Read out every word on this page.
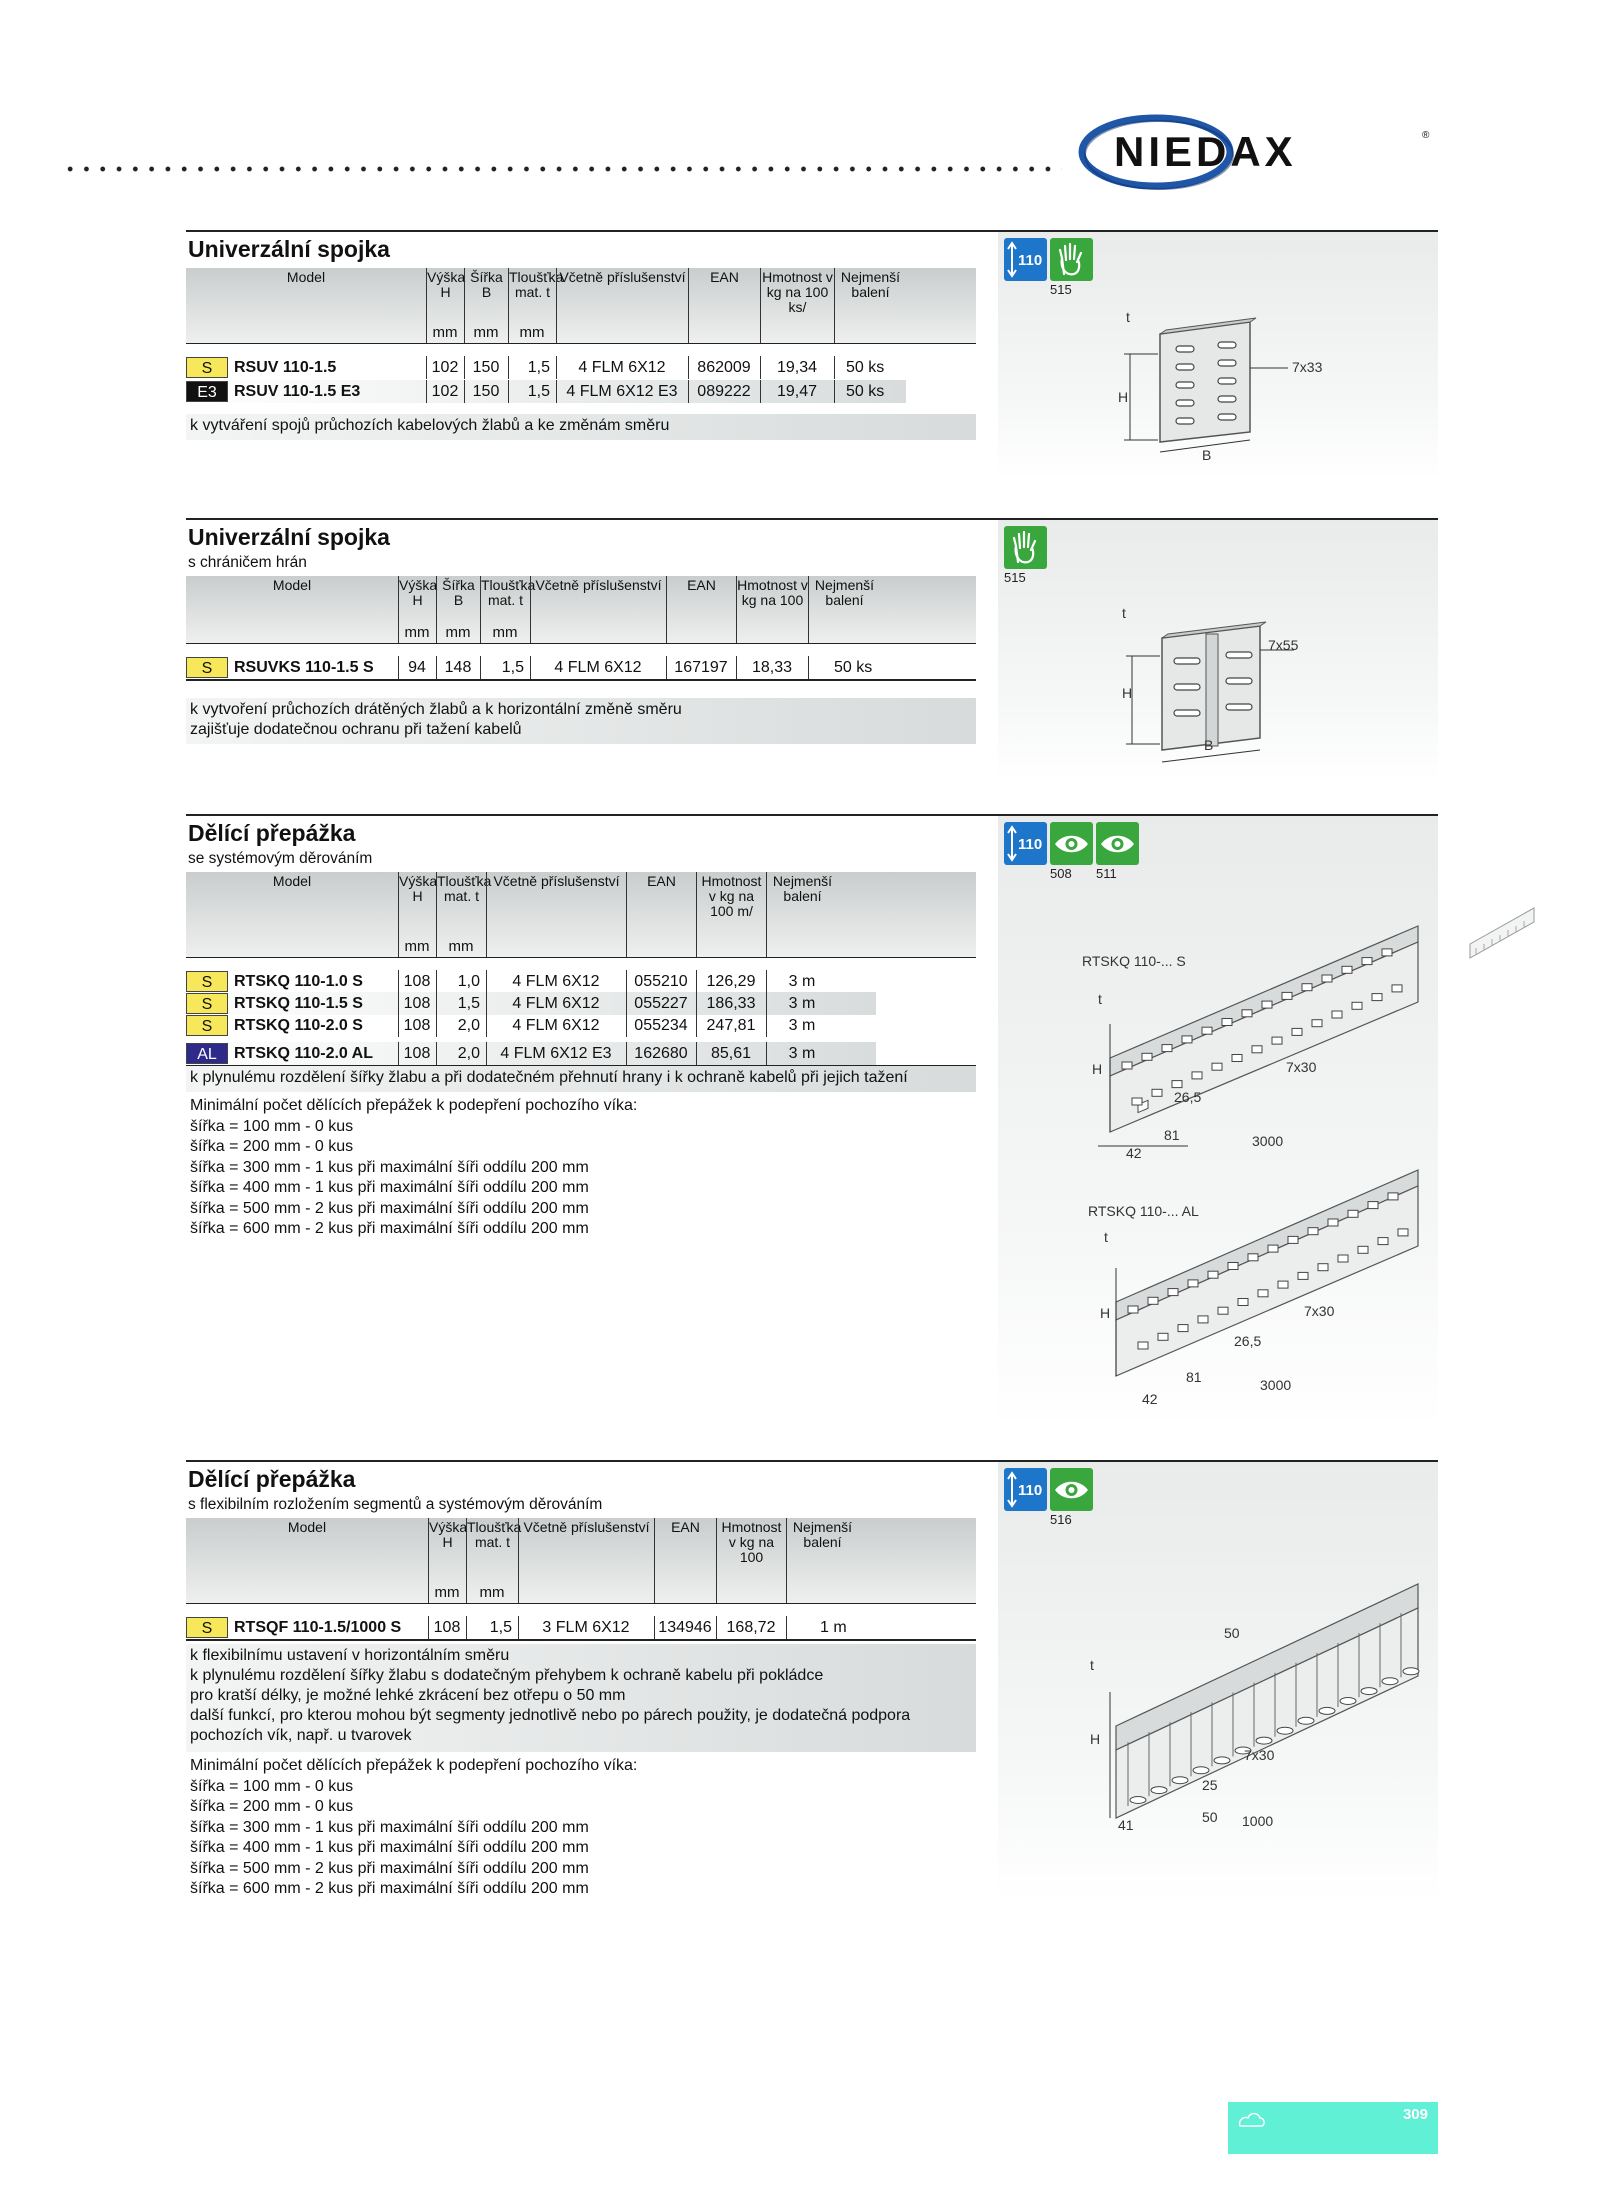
NIEDAX	®
Univerzální spojka
Model	Výška H
Šířka B
Tloušťka mat. t
Včetně příslušenství	EAN	Hmotnost v kg na 100 ks/
Nejmenší balení
mm	mm	mm
S	RSUV 110-1.5	102 150	1,5	4 FLM 6X12	862009	19,34	50 ks
E3	RSUV 110-1.5 E3	102 150	1,5	4 FLM 6X12 E3	089222	19,47	50 ks
k vytváření spojů průchozích kabelových žlabů a ke změnám směru
Univerzální spojka
s chráničem hrán
Model	Výška H
Šířka B
Tloušťka mat. t
Včetně příslušenství	EAN	Hmotnost v kg na 100
Nejmenší balení
mm	mm	mm
S	RSUVKS 110-1.5 S	94	148	1,5	4 FLM 6X12	167197	18,33	50 ks
k vytvoření průchozích drátěných žlabů a k horizontální změně směru
zajišťuje dodatečnou ochranu při tažení kabelů
Dělící přepážka
se systémovým děrováním
Model	Výška H
Tloušťka mat. t
Včetně příslušenství	EAN	Hmotnost v kg na 100 m/
Nejmenší balení
mm	mm
S	RTSKQ 110-1.0 S	108	1,0	4 FLM 6X12	055210	126,29	3 m
S	RTSKQ 110-1.5 S	108	1,5	4 FLM 6X12	055227	186,33	3 m
S	RTSKQ 110-2.0 S	108	2,0	4 FLM 6X12	055234	247,81	3 m
AL	RTSKQ 110-2.0 AL	108	2,0	4 FLM 6X12 E3	162680	85,61	3 m
k plynulému rozdělení šířky žlabu a při dodatečném přehnutí hrany i k ochraně kabelů při jejich tažení
Minimální počet dělících přepážek k podepření pochozího víka:
šířka = 100 mm - 0 kus
šířka = 200 mm - 0 kus
šířka = 300 mm - 1 kus při maximální šíři oddílu 200 mm
šířka = 400 mm - 1 kus při maximální šíři oddílu 200 mm
šířka = 500 mm - 2 kus při maximální šíři oddílu 200 mm
šířka = 600 mm - 2 kus při maximální šíři oddílu 200 mm
Dělící přepážka
s flexibilním rozložením segmentů a systémovým děrováním
Model	Výška H
Tloušťka mat. t
Včetně příslušenství	EAN	Hmotnost v kg na 100
Nejmenší balení
mm	mm
S	RTSQF 110-1.5/1000 S	108	1,5	3 FLM 6X12	134946 168,72	1 m
k flexibilnímu ustavení v horizontálním směru
k plynulému rozdělení šířky žlabu s dodatečným přehybem k ochraně kabelu při pokládce
pro kratší délky, je možné lehké zkrácení bez otřepu o 50 mm
další funkcí, pro kterou mohou být segmenty jednotlivě nebo po párech použity, je dodatečná podpora
pochozích vík, např. u tvarovek
Minimální počet dělících přepážek k podepření pochozího víka:
šířka = 100 mm - 0 kus
šířka = 200 mm - 0 kus
šířka = 300 mm - 1 kus při maximální šíři oddílu 200 mm
šířka = 400 mm - 1 kus při maximální šíři oddílu 200 mm
šířka = 500 mm - 2 kus při maximální šíři oddílu 200 mm
šířka = 600 mm - 2 kus při maximální šíři oddílu 200 mm
110
515
t
H
B
7x33
515
t
H
B
7x55
110
508 511
RTSKQ 110-... S
t
H	7x30
26,5
81
42
3000
RTSKQ 110-... AL
t
H	7x30
26,5
81
42
3000
110
516
50
t
H
7x30
25
50
41	1000
309
